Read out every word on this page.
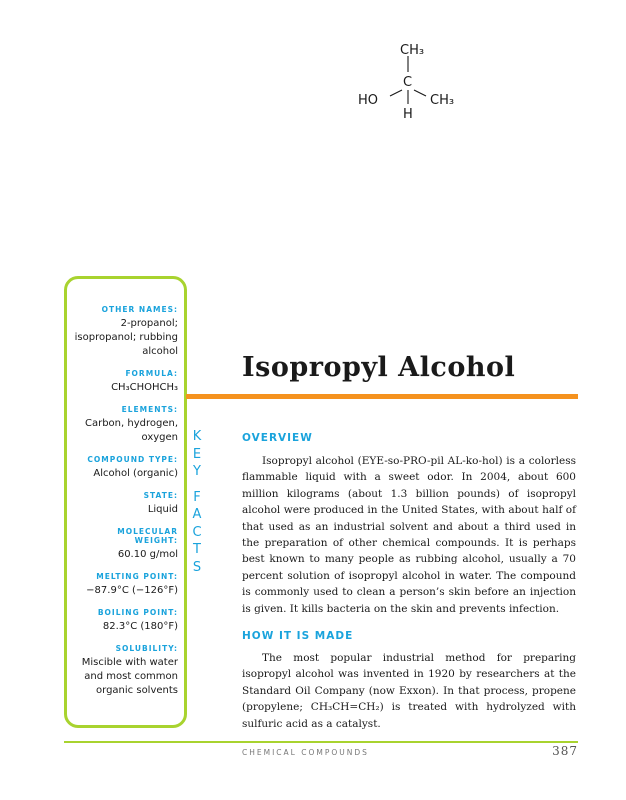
CH₃
C
HO	CH₃
H
OTHER NAMES:
2-propanol; isopropanol; rubbing alcohol
FORMULA:
CH₃CHOHCH₃
ELEMENTS:
Carbon, hydrogen, oxygen
COMPOUND TYPE:
Alcohol (organic)
STATE:
Liquid
MOLECULAR WEIGHT:
60.10 g/mol
MELTING POINT:
−87.9°C (−126°F)
BOILING POINT:
82.3°C (180°F)
SOLUBILITY:
Miscible with water and most common organic solvents
K
E
Y
F
A
C
T
S
Isopropyl Alcohol
OVERVIEW

Isopropyl alcohol (EYE-so-PRO-pil AL-ko-hol) is a colorless flammable liquid with a sweet odor. In 2004, about 600 million kilograms (about 1.3 billion pounds) of isopropyl alcohol were produced in the United States, with about half of that used as an industrial solvent and about a third used in the preparation of other chemical compounds. It is perhaps best known to many people as rubbing alcohol, usually a 70 percent solution of isopropyl alcohol in water. The compound is commonly used to clean a person’s skin before an injection is given. It kills bacteria on the skin and prevents infection.

HOW IT IS MADE

The most popular industrial method for preparing isopropyl alcohol was invented in 1920 by researchers at the Standard Oil Company (now Exxon). In that process, propene (propylene; CH₃CH=CH₂) is treated with hydrolyzed with sulfuric acid as a catalyst.

CHEMICAL COMPOUNDS	387
